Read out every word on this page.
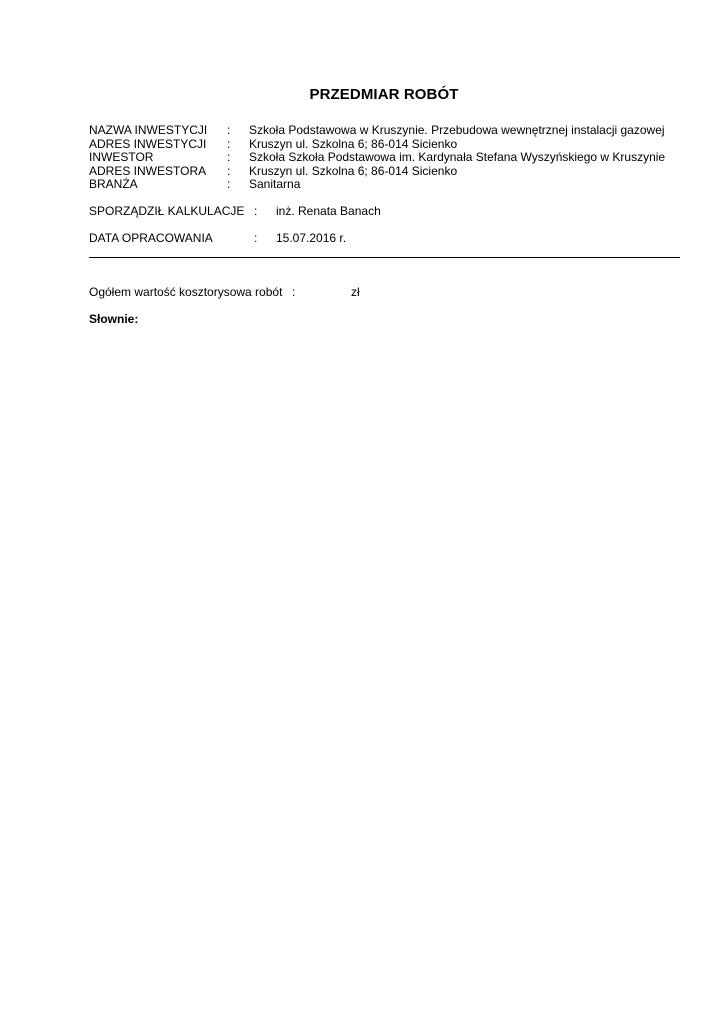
PRZEDMIAR ROBÓT
NAZWA INWESTYCJI : Szkoła Podstawowa w Kruszynie. Przebudowa wewnętrznej instalacji gazowej
ADRES INWESTYCJI : Kruszyn ul. Szkolna 6; 86-014 Sicienko
INWESTOR	: Szkoła Szkoła Podstawowa im. Kardynała Stefana Wyszyńskiego w Kruszynie
ADRES INWESTORA : Kruszyn ul. Szkolna 6; 86-014 Sicienko
BRANŻA	: Sanitarna
SPORZĄDZIŁ KALKULACJE : inż. Renata Banach
DATA OPRACOWANIA	: 15.07.2016 r.
Ogółem wartość kosztorysowa robót :	zł
Słownie:
